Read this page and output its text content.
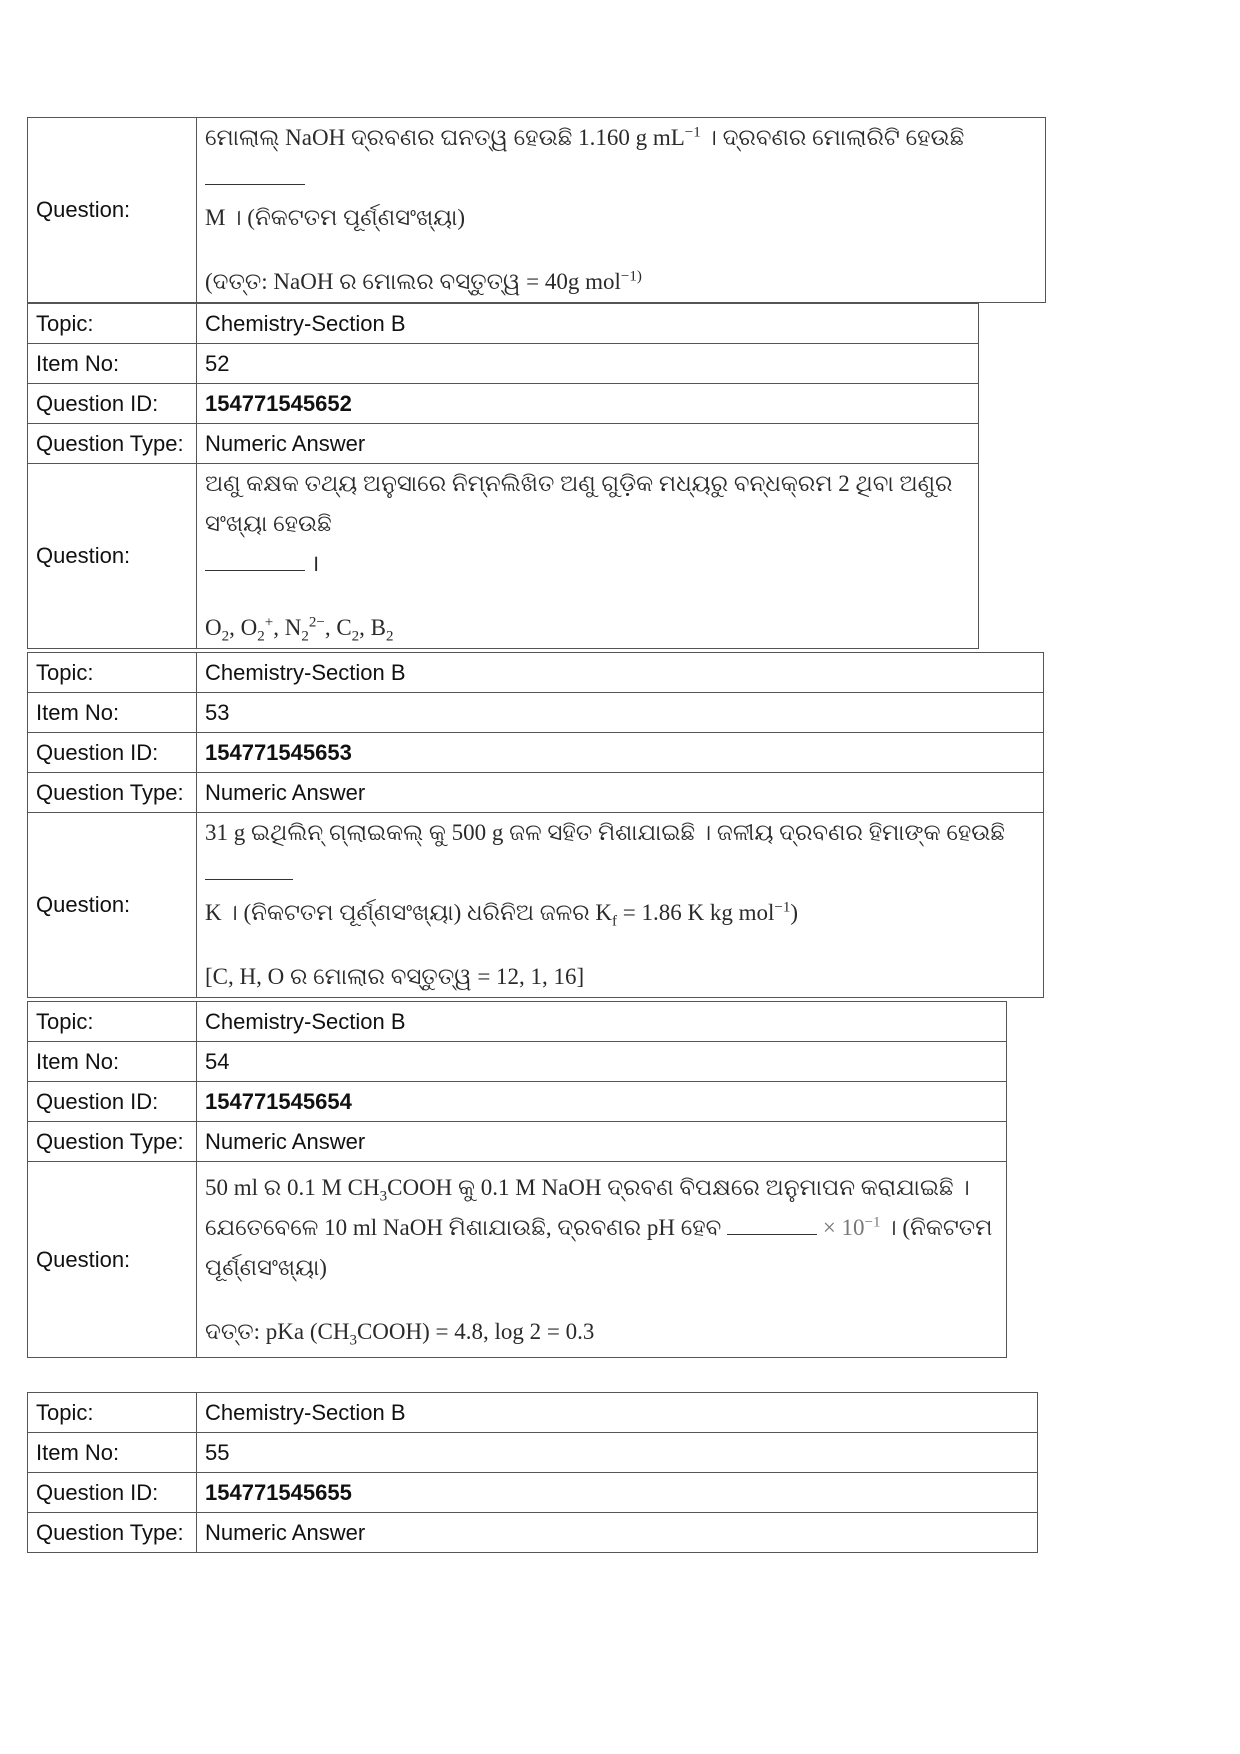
Question:	ମୋଲାଲ୍ NaOH ଦ୍ରବଣର ଘନତ୍ୱ ହେଉଛି 1.160 g $mL^{-1}$ । ଦ୍ରବଣର ମୋଲାରିଟି ହେଉଛି
M । (ନିକଟତମ ପୂର୍ଣ୍ଣସଂଖ୍ୟା)
(ଦତ୍ତ: NaOH ର ମୋଲର ବସ୍ତୁତ୍ୱ = 40g mol$^{-1)}$
Topic:	Chemistry-Section B
Item No:	52
Question ID:	154771545652
Question Type:	Numeric Answer
Question:	ଅଣୁ କକ୍ଷକ ତଥ୍ୟ ଅନୁସାରେ ନିମ୍ନଲିଖିତ ଅଣୁ ଗୁଡ଼ିକ ମଧ୍ୟରୁ ବନ୍ଧକ୍ରମ 2 ଥିବା ଅଣୁର ସଂଖ୍ୟା ହେଉଛି
।
$O_2$, $O_2^+$, $N_2^{2-}$, $C_2$, $B_2$
Topic:	Chemistry-Section B
Item No:	53
Question ID:	154771545653
Question Type:	Numeric Answer
Question:	31 g ଇଥିଲିନ୍ ଗ୍ଲାଇକଲ୍ କୁ 500 g ଜଳ ସହିତ ମିଶାଯାଇଛି । ଜଳୀୟ ଦ୍ରବଣର ହିମାଙ୍କ ହେଉଛି
K । (ନିକଟତମ ପୂର୍ଣ୍ଣସଂଖ୍ୟା) ଧରିନିଅ ଜଳର $K_f = 1.86$ K kg mol$^{-1}$)
[C, H, O ର ମୋଲାର ବସ୍ତୁତ୍ୱ = 12, 1, 16]
Topic:	Chemistry-Section B
Item No:	54
Question ID:	154771545654
Question Type:	Numeric Answer
Question:	50 ml ର 0.1 M $CH_3COOH$ କୁ 0.1 M NaOH ଦ୍ରବଣ ବିପକ୍ଷରେ ଅନୁମାପନ କରାଯାଇଛି ।
ଯେତେବେଳେ 10 ml NaOH ମିଶାଯାଉଛି, ଦ୍ରବଣର pH ହେବ × $10^{-1}$ । (ନିକଟତମ
ପୂର୍ଣ୍ଣସଂଖ୍ୟା)
ଦତ୍ତ: pKa $(CH_3COOH) = 4.8$, log 2 = 0.3
Topic:	Chemistry-Section B
Item No:	55
Question ID:	154771545655
Question Type:	Numeric Answer
